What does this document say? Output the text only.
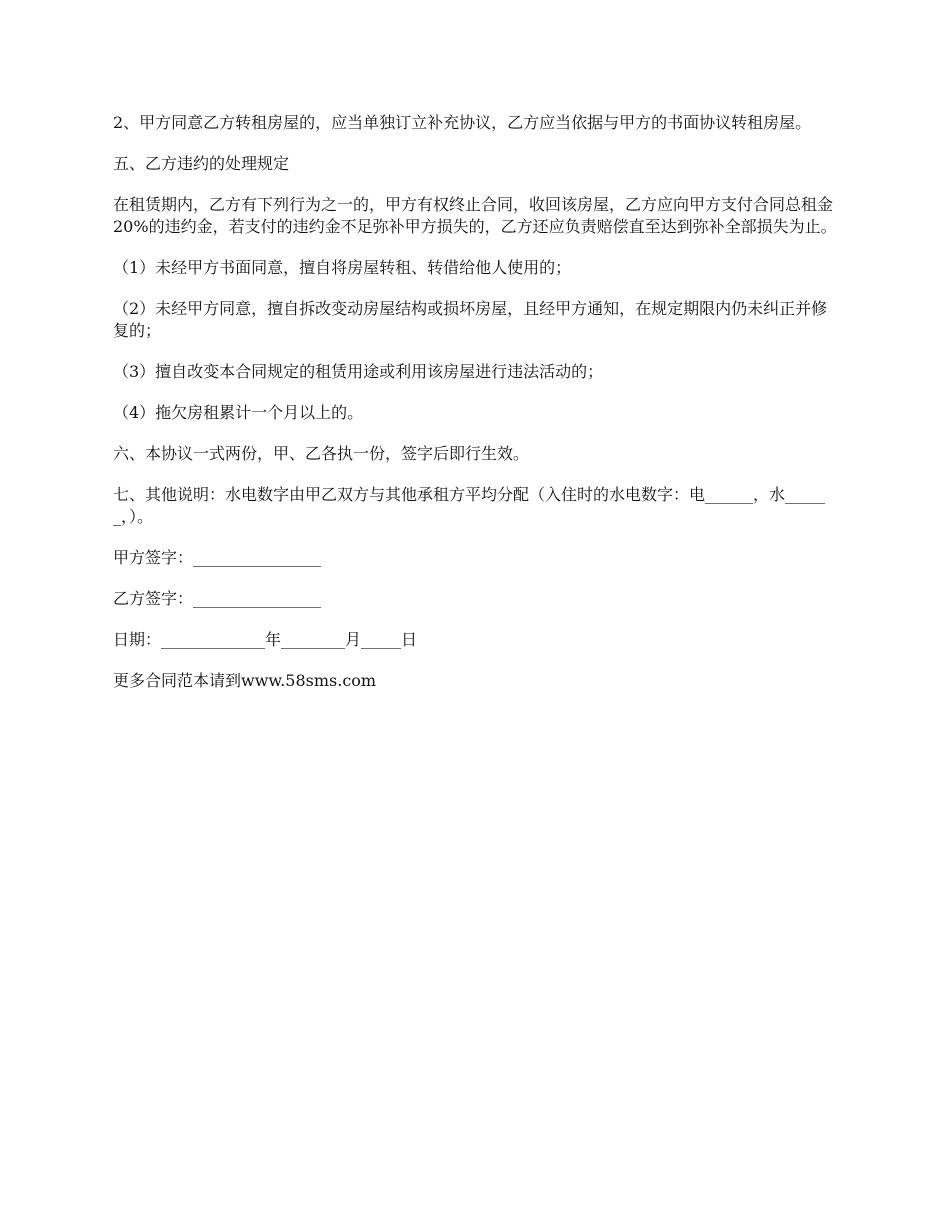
2、甲方同意乙方转租房屋的，应当单独订立补充协议，乙方应当依据与甲方的书面协议转租房屋。

五、乙方违约的处理规定

在租赁期内，乙方有下列行为之一的，甲方有权终止合同，收回该房屋，乙方应向甲方支付合同总租金20%的违约金，若支付的违约金不足弥补甲方损失的，乙方还应负责赔偿直至达到弥补全部损失为止。

（1）未经甲方书面同意，擅自将房屋转租、转借给他人使用的；

（2）未经甲方同意，擅自拆改变动房屋结构或损坏房屋，且经甲方通知，在规定期限内仍未纠正并修复的；

（3）擅自改变本合同规定的租赁用途或利用该房屋进行违法活动的；

（4）拖欠房租累计一个月以上的。

六、本协议一式两份，甲、乙各执一份，签字后即行生效。

七、其他说明：水电数字由甲乙双方与其他承租方平均分配（入住时的水电数字：电______，水______，）。

甲方签字：________________

乙方签字：________________

日期：_____________年________月_____日

更多合同范本请到www.58sms.com
